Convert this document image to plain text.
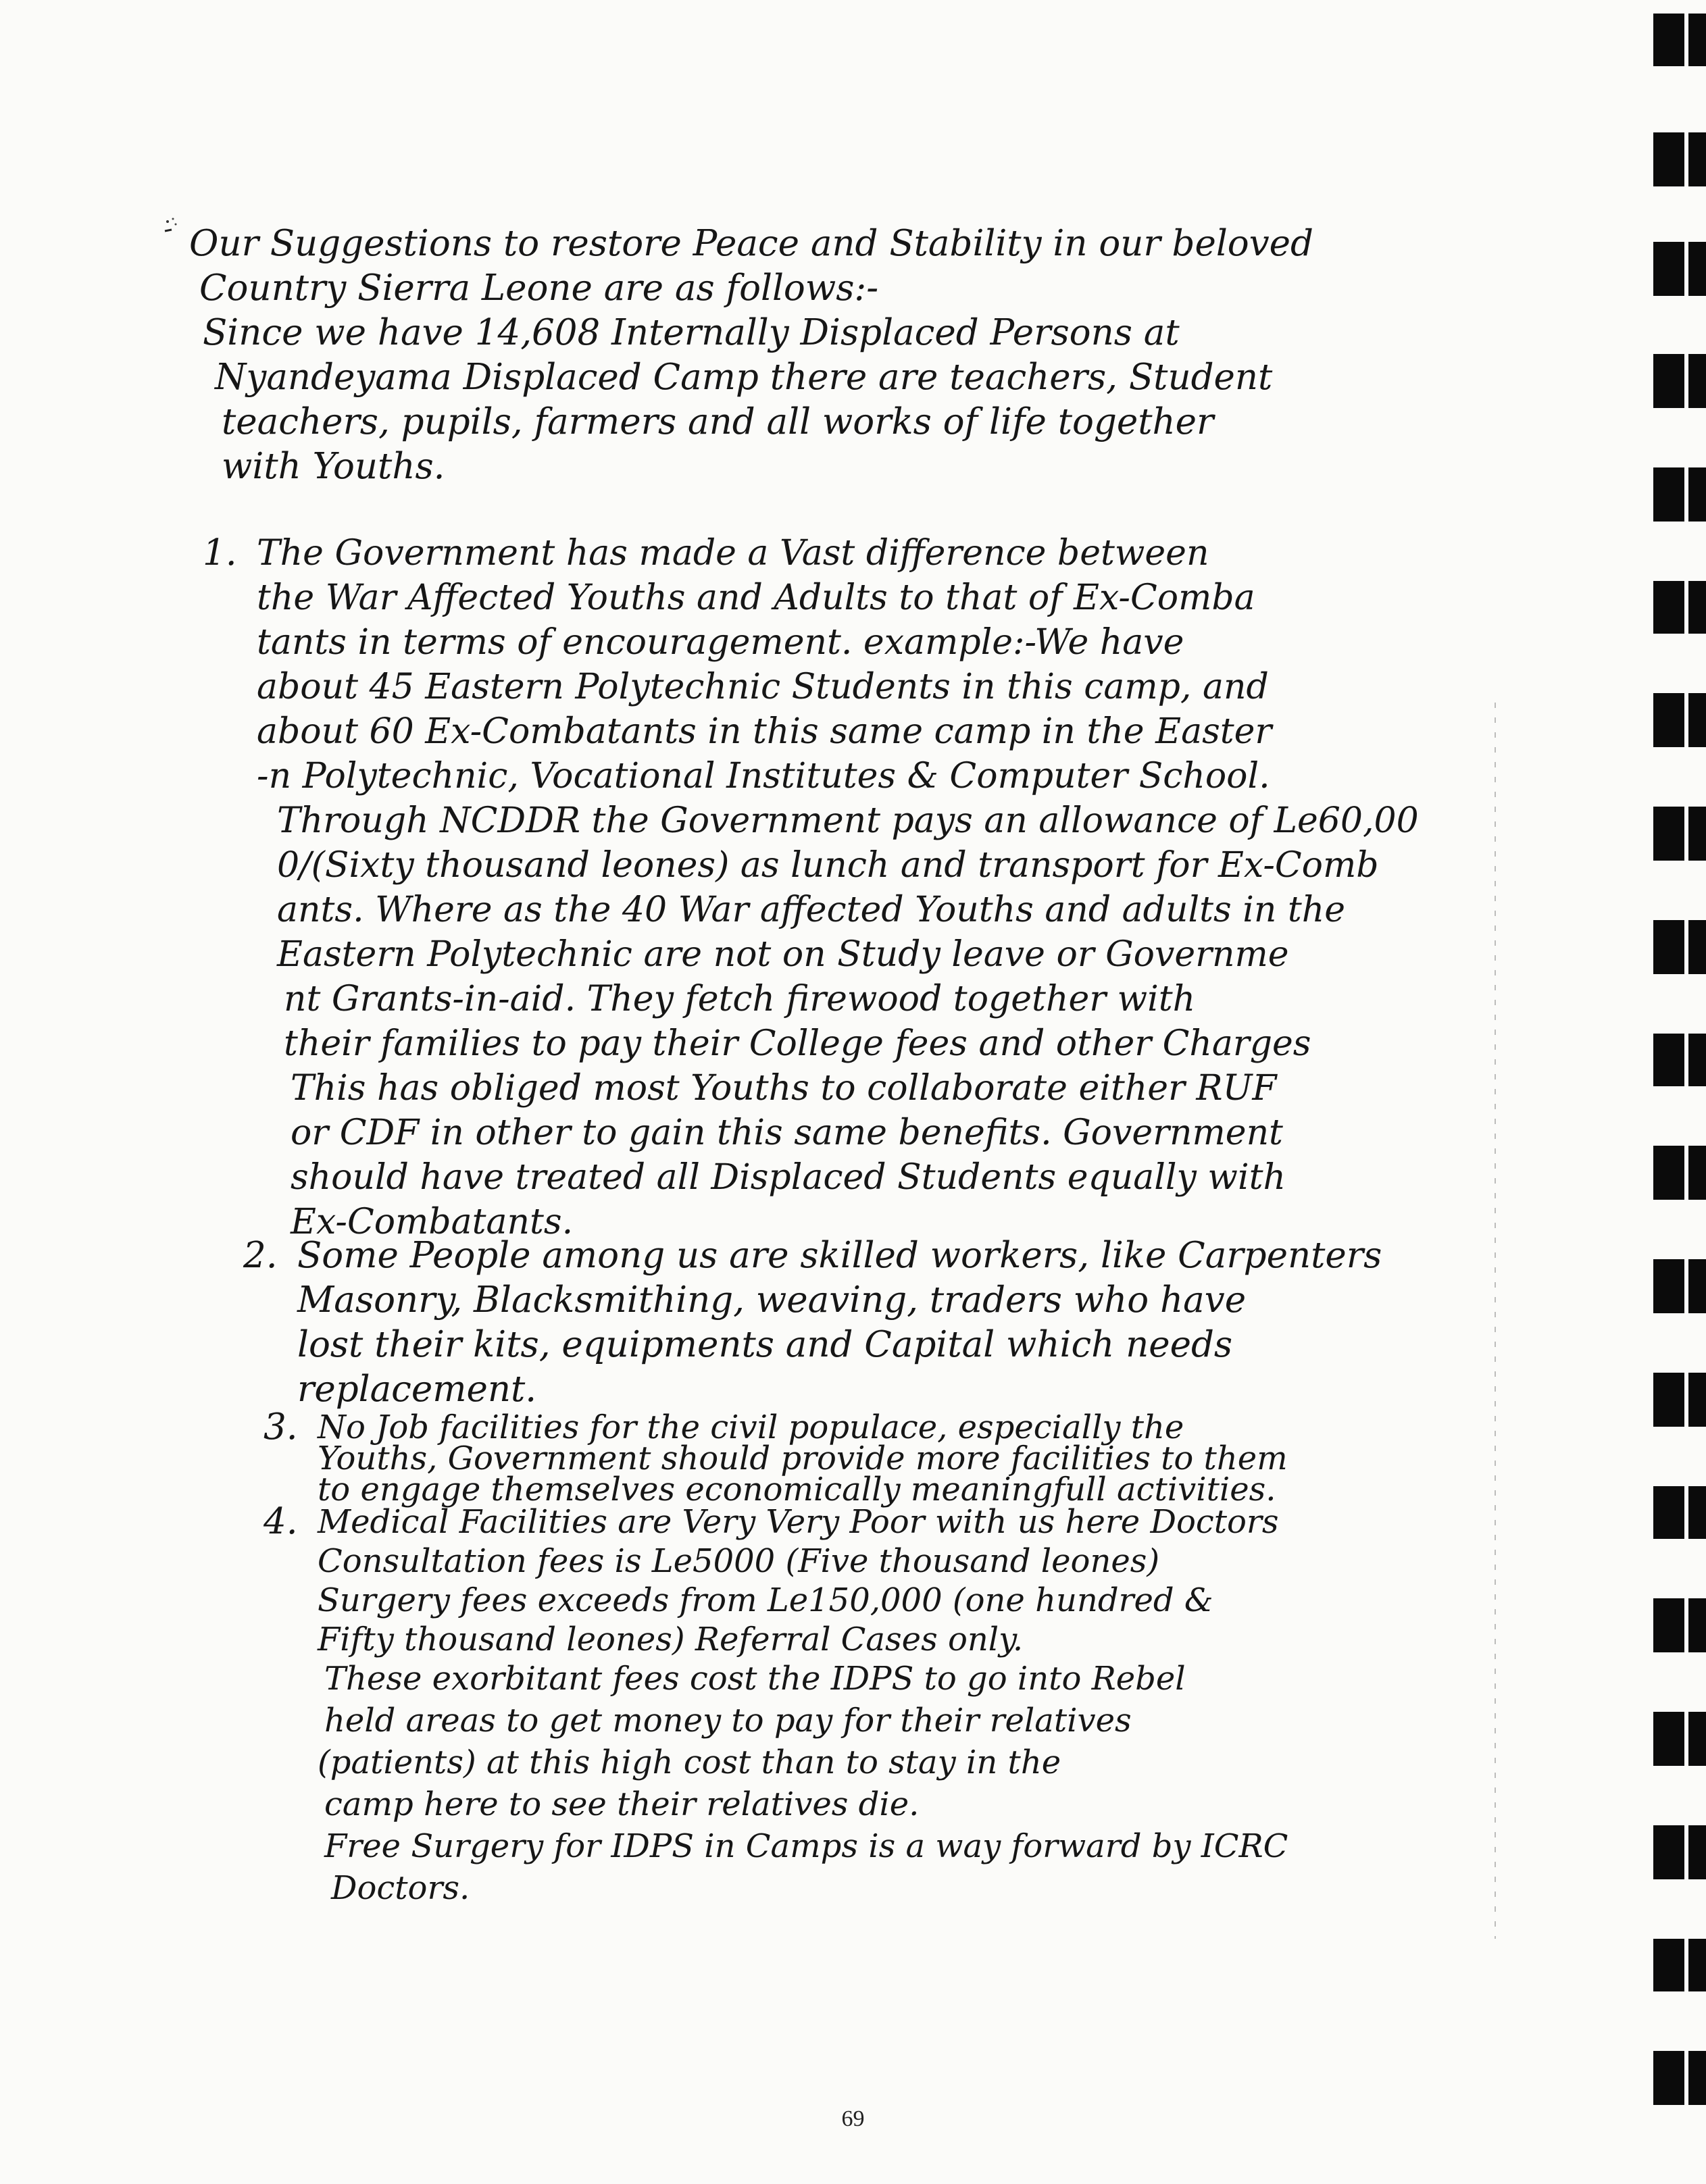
Our Suggestions to restore Peace and Stability in our beloved
Country Sierra Leone are as follows:-
Since we have 14,608 Internally Displaced Persons at
Nyandeyama Displaced Camp there are teachers, Student
teachers, pupils, farmers and all works of life together
with Youths.
1. The Government has made a Vast difference between
the War Affected Youths and Adults to that of Ex-Comba
tants in terms of encouragement. example:-We have
about 45 Eastern Polytechnic Students in this camp, and
about 60 Ex-Combatants in this same camp in the Easter
-n Polytechnic, Vocational Institutes & Computer School.
Through NCDDR the Government pays an allowance of Le60,00
0/(Sixty thousand leones) as lunch and transport for Ex-Comb
ants. Where as the 40 War affected Youths and adults in the
Eastern Polytechnic are not on Study leave or Governme
nt Grants-in-aid. They fetch firewood together with
their families to pay their College fees and other Charges
This has obliged most Youths to collaborate either RUF
or CDF in other to gain this same benefits. Government
should have treated all Displaced Students equally with
Ex-Combatants.
2. Some People among us are skilled workers, like Carpenters
Masonry, Blacksmithing, weaving, traders who have
lost their kits, equipments and Capital which needs
replacement.
3. No Job facilities for the civil populace, especially the
Youths, Government should provide more facilities to them
to engage themselves economically meaningfull activities.
4. Medical Facilities are Very Very Poor with us here Doctors
Consultation fees is Le5000 (Five thousand leones)
Surgery fees exceeds from Le150,000 (one hundred &
Fifty thousand leones) Referral Cases only.
These exorbitant fees cost the IDPS to go into Rebel
held areas to get money to pay for their relatives
(patients) at this high cost than to stay in the
camp here to see their relatives die.
Free Surgery for IDPS in Camps is a way forward by ICRC
Doctors.
69
